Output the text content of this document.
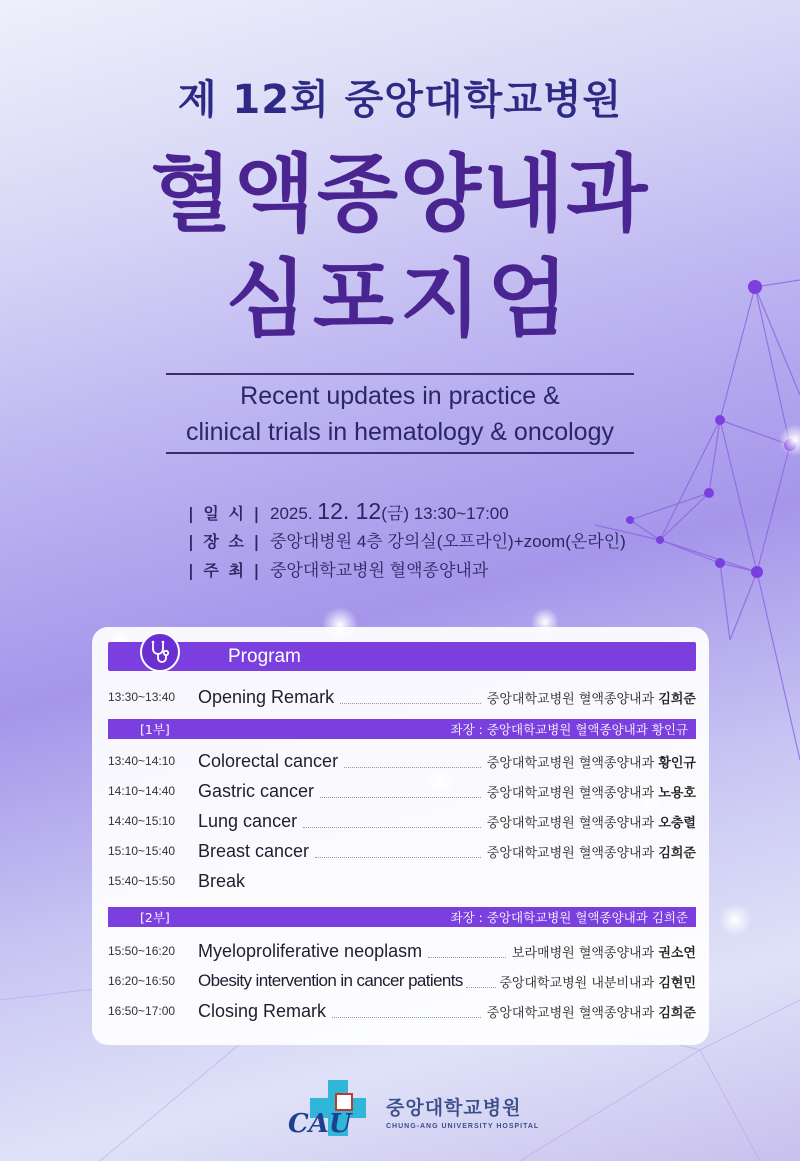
제 12회 중앙대학교병원
혈액종양내과
심포지엄
Recent updates in practice &
clinical trials in hematology & oncology
| 일 시 | 2025. 12. 12(금) 13:30~17:00
| 장 소 | 중앙대병원 4층 강의실(오프라인)+zoom(온라인)
| 주 최 | 중앙대학교병원 혈액종양내과
Program
13:30~13:40	Opening Remark	중앙대학교병원 혈액종양내과 김희준
[1부]	좌장 : 중앙대학교병원 혈액종양내과 황인규
13:40~14:10	Colorectal cancer	중앙대학교병원 혈액종양내과 황인규
14:10~14:40	Gastric cancer	중앙대학교병원 혈액종양내과 노용호
14:40~15:10	Lung cancer	중앙대학교병원 혈액종양내과 오충렬
15:10~15:40	Breast cancer	중앙대학교병원 혈액종양내과 김희준
15:40~15:50	Break
[2부]	좌장 : 중앙대학교병원 혈액종양내과 김희준
15:50~16:20	Myeloproliferative neoplasm	보라매병원 혈액종양내과 권소연
16:20~16:50	Obesity intervention in cancer patients	중앙대학교병원 내분비내과 김현민
16:50~17:00	Closing Remark	중앙대학교병원 혈액종양내과 김희준
CAU
중앙대학교병원
CHUNG-ANG UNIVERSITY HOSPITAL
